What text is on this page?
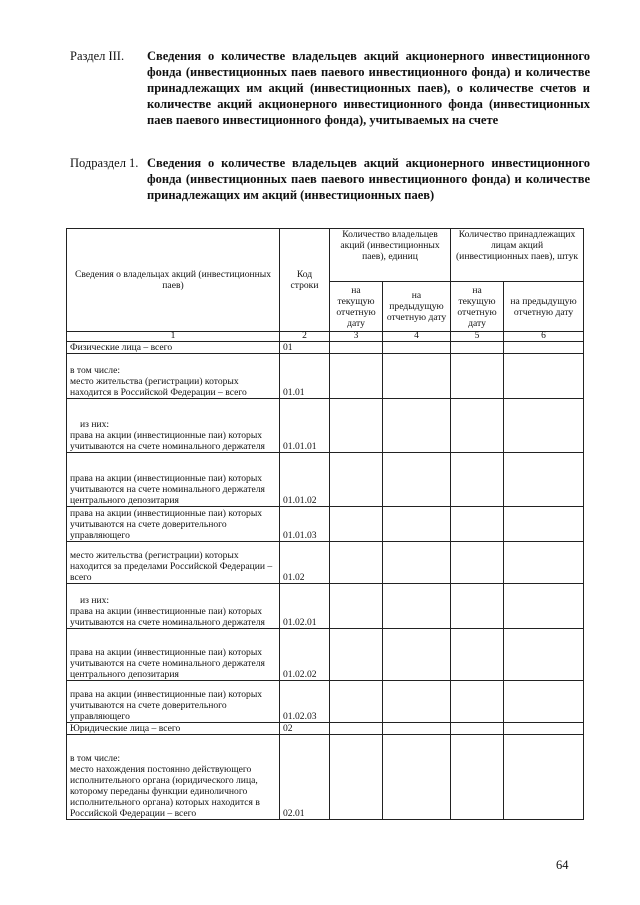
Раздел III.	Сведения о количестве владельцев акций акционерного инвестиционного фонда (инвестиционных паев паевого инвестиционного фонда) и количестве принадлежащих им акций (инвестиционных паев), о количестве счетов и количестве акций акционерного инвестиционного фонда (инвестиционных паев паевого инвестиционного фонда), учитываемых на счете
Подраздел 1. Сведения о количестве владельцев акций акционерного инвестиционного фонда (инвестиционных паев паевого инвестиционного фонда) и количестве принадлежащих им акций (инвестиционных паев)
Сведения о владельцах акций (инвестиционных паев)	Код строки	Количество владельцев акций (инвестиционных паев), единиц		Количество принадлежащих лицам акций (инвестиционных паев), штук	
		на текущую отчетную дату	на предыдущую отчетную дату	на текущую отчетную дату	на предыдущую отчетную дату
1	2	3	4	5	6

Физические лица – всего	01				

в том числе:
место жительства (регистрации) которых находится в Российской Федерации – всего	01.01				

из них:
права на акции (инвестиционные паи) которых учитываются на счете номинального держателя	01.01.01				

права на акции (инвестиционные паи) которых учитываются на счете номинального держателя центрального депозитария	01.01.02				

права на акции (инвестиционные паи) которых учитываются на счете доверительного управляющего	01.01.03				

место жительства (регистрации) которых находится за пределами Российской Федерации – всего	01.02				

из них:
права на акции (инвестиционные паи) которых учитываются на счете номинального держателя	01.02.01				

права на акции (инвестиционные паи) которых учитываются на счете номинального держателя центрального депозитария	01.02.02				

права на акции (инвестиционные паи) которых учитываются на счете доверительного управляющего	01.02.03				

Юридические лица – всего	02				

в том числе:
место нахождения постоянно действующего исполнительного органа (юридического лица, которому переданы функции единоличного исполнительного органа) которых находится в Российской Федерации – всего	02.01				
64
